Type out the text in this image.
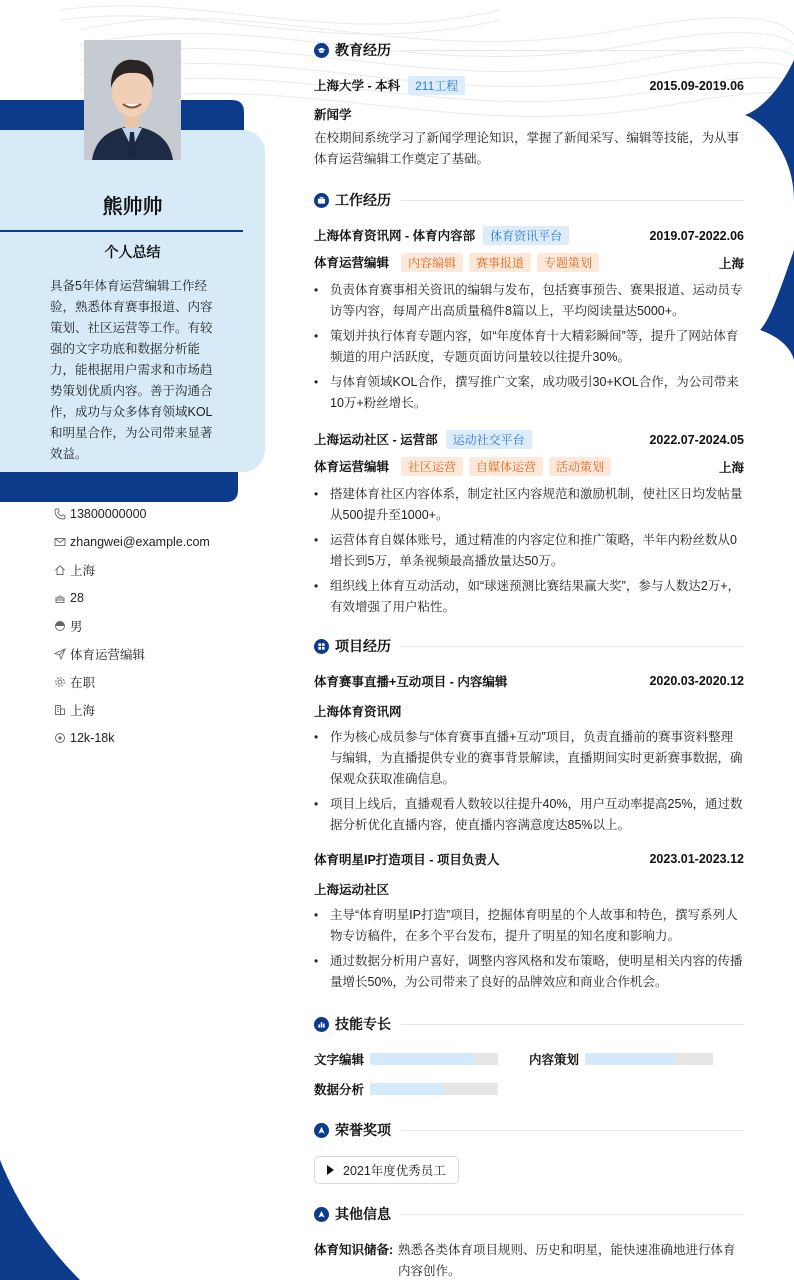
熊帅帅
个人总结
具备5年体育运营编辑工作经验，熟悉体育赛事报道、内容策划、社区运营等工作。有较强的文字功底和数据分析能力，能根据用户需求和市场趋势策划优质内容。善于沟通合作，成功与众多体育领域KOL和明星合作，为公司带来显著效益。
13800000000
zhangwei@example.com
上海
28
男
体育运营编辑
在职
上海
12k-18k
教育经历
上海大学 - 本科 211工程	2015.09-2019.06
新闻学
在校期间系统学习了新闻学理论知识，掌握了新闻采写、编辑等技能，为从事体育运营编辑工作奠定了基础。
工作经历
上海体育资讯网 - 体育内容部 体育资讯平台	2019.07-2022.06
体育运营编辑 内容编辑 赛事报道 专题策划	上海
• 负责体育赛事相关资讯的编辑与发布，包括赛事预告、赛果报道、运动员专访等内容，每周产出高质量稿件8篇以上，平均阅读量达5000+。
• 策划并执行体育专题内容，如“年度体育十大精彩瞬间”等，提升了网站体育频道的用户活跃度，专题页面访问量较以往提升30%。
• 与体育领域KOL合作，撰写推广文案，成功吸引30+KOL合作，为公司带来10万+粉丝增长。
上海运动社区 - 运营部 运动社交平台	2022.07-2024.05
体育运营编辑 社区运营 自媒体运营 活动策划	上海
• 搭建体育社区内容体系，制定社区内容规范和激励机制，使社区日均发帖量从500提升至1000+。
• 运营体育自媒体账号，通过精准的内容定位和推广策略，半年内粉丝数从0增长到5万，单条视频最高播放量达50万。
• 组织线上体育互动活动，如“球迷预测比赛结果赢大奖”，参与人数达2万+，有效增强了用户粘性。
项目经历
体育赛事直播+互动项目 - 内容编辑	2020.03-2020.12
上海体育资讯网
• 作为核心成员参与“体育赛事直播+互动”项目，负责直播前的赛事资料整理与编辑，为直播提供专业的赛事背景解读，直播期间实时更新赛事数据，确保观众获取准确信息。
• 项目上线后，直播观看人数较以往提升40%，用户互动率提高25%，通过数据分析优化直播内容，使直播内容满意度达85%以上。
体育明星IP打造项目 - 项目负责人	2023.01-2023.12
上海运动社区
• 主导“体育明星IP打造”项目，挖掘体育明星的个人故事和特色，撰写系列人物专访稿件，在多个平台发布，提升了明星的知名度和影响力。
• 通过数据分析用户喜好，调整内容风格和发布策略，使明星相关内容的传播量增长50%，为公司带来了良好的品牌效应和商业合作机会。
技能专长
文字编辑	内容策划
数据分析
荣誉奖项
2021年度优秀员工
其他信息
体育知识储备: 熟悉各类体育项目规则、历史和明星，能快速准确地进行体育内容创作。
